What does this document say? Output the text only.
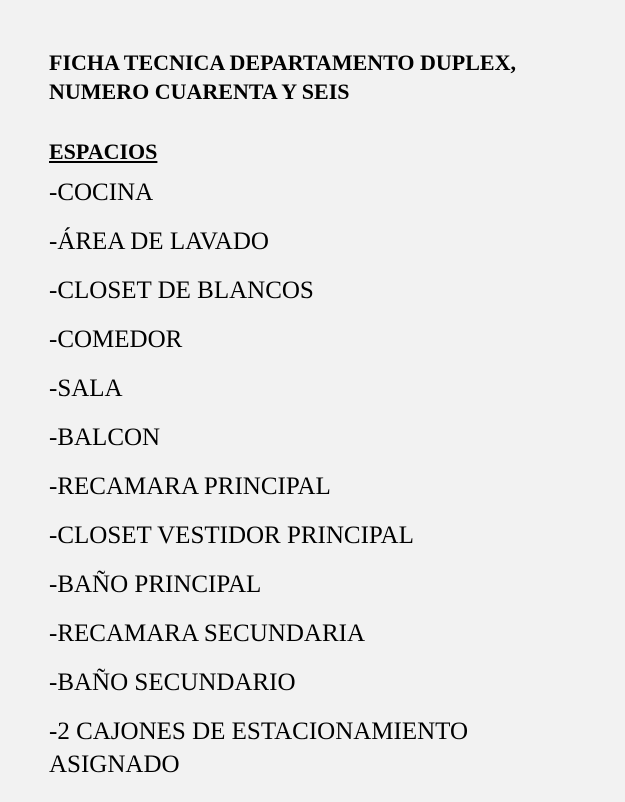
FICHA TECNICA DEPARTAMENTO DUPLEX,
NUMERO CUARENTA Y SEIS
ESPACIOS
-COCINA
-ÁREA DE LAVADO
-CLOSET DE BLANCOS
-COMEDOR
-SALA
-BALCON
-RECAMARA PRINCIPAL
-CLOSET VESTIDOR PRINCIPAL
-BAÑO PRINCIPAL
-RECAMARA SECUNDARIA
-BAÑO SECUNDARIO
-2 CAJONES DE ESTACIONAMIENTO
ASIGNADO
